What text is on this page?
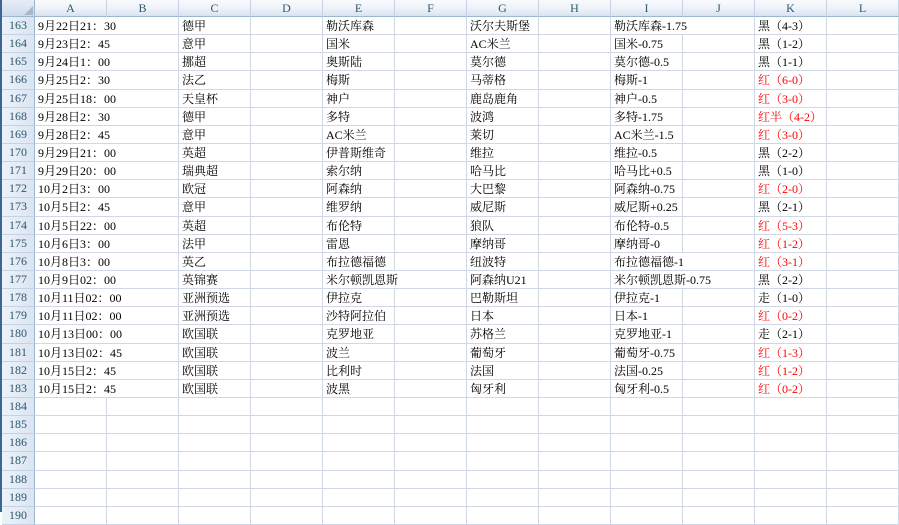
A	B	C	D	E	F	G	H	I	J	K	L
163 9月22日21：30	德甲	勒沃库森	沃尔夫斯堡	勒沃库森-1.75	黑（4-3）
164 9月23日2：45	意甲	国米	AC米兰	国米-0.75	黑（1-2）
165 9月24日1：00	挪超	奥斯陆	莫尔德	莫尔德-0.5	黑（1-1）
166 9月25日2：30	法乙	梅斯	马蒂格	梅斯-1	红（6-0）
167 9月25日18：00	天皇杯	神户	鹿岛鹿角	神户-0.5	红（3-0）
168 9月28日2：30	德甲	多特	波鸿	多特-1.75	红半（4-2）
169 9月28日2：45	意甲	AC米兰	莱切	AC米兰-1.5	红（3-0）
170 9月29日21：00	英超	伊普斯维奇	维拉	维拉-0.5	黑（2-2）
171 9月29日20：00	瑞典超	索尔纳	哈马比	哈马比+0.5	黑（1-0）
172 10月2日3：00	欧冠	阿森纳	大巴黎	阿森纳-0.75	红（2-0）
173 10月5日2：45	意甲	维罗纳	威尼斯	威尼斯+0.25	黑（2-1）
174 10月5日22：00	英超	布伦特	狼队	布伦特-0.5	红（5-3）
175 10月6日3：00	法甲	雷恩	摩纳哥	摩纳哥-0	红（1-2）
176 10月8日3：00	英乙	布拉德福德	纽波特	布拉德福德-1	红（3-1）
177 10月9日02：00	英锦赛	米尔顿凯恩斯	阿森纳U21	米尔顿凯恩斯-0.75	黑（2-2）
178 10月11日02：00	亚洲预选	伊拉克	巴勒斯坦	伊拉克-1	走（1-0）
179 10月11日02：00	亚洲预选	沙特阿拉伯	日本	日本-1	红（0-2）
180 10月13日00：00	欧国联	克罗地亚	苏格兰	克罗地亚-1	走（2-1）
181 10月13日02：45	欧国联	波兰	葡萄牙	葡萄牙-0.75	红（1-3）
182 10月15日2：45	欧国联	比利时	法国	法国-0.25	红（1-2）
183 10月15日2：45	欧国联	波黑	匈牙利	匈牙利-0.5	红（0-2）
184
185
186
187
188
189
190
